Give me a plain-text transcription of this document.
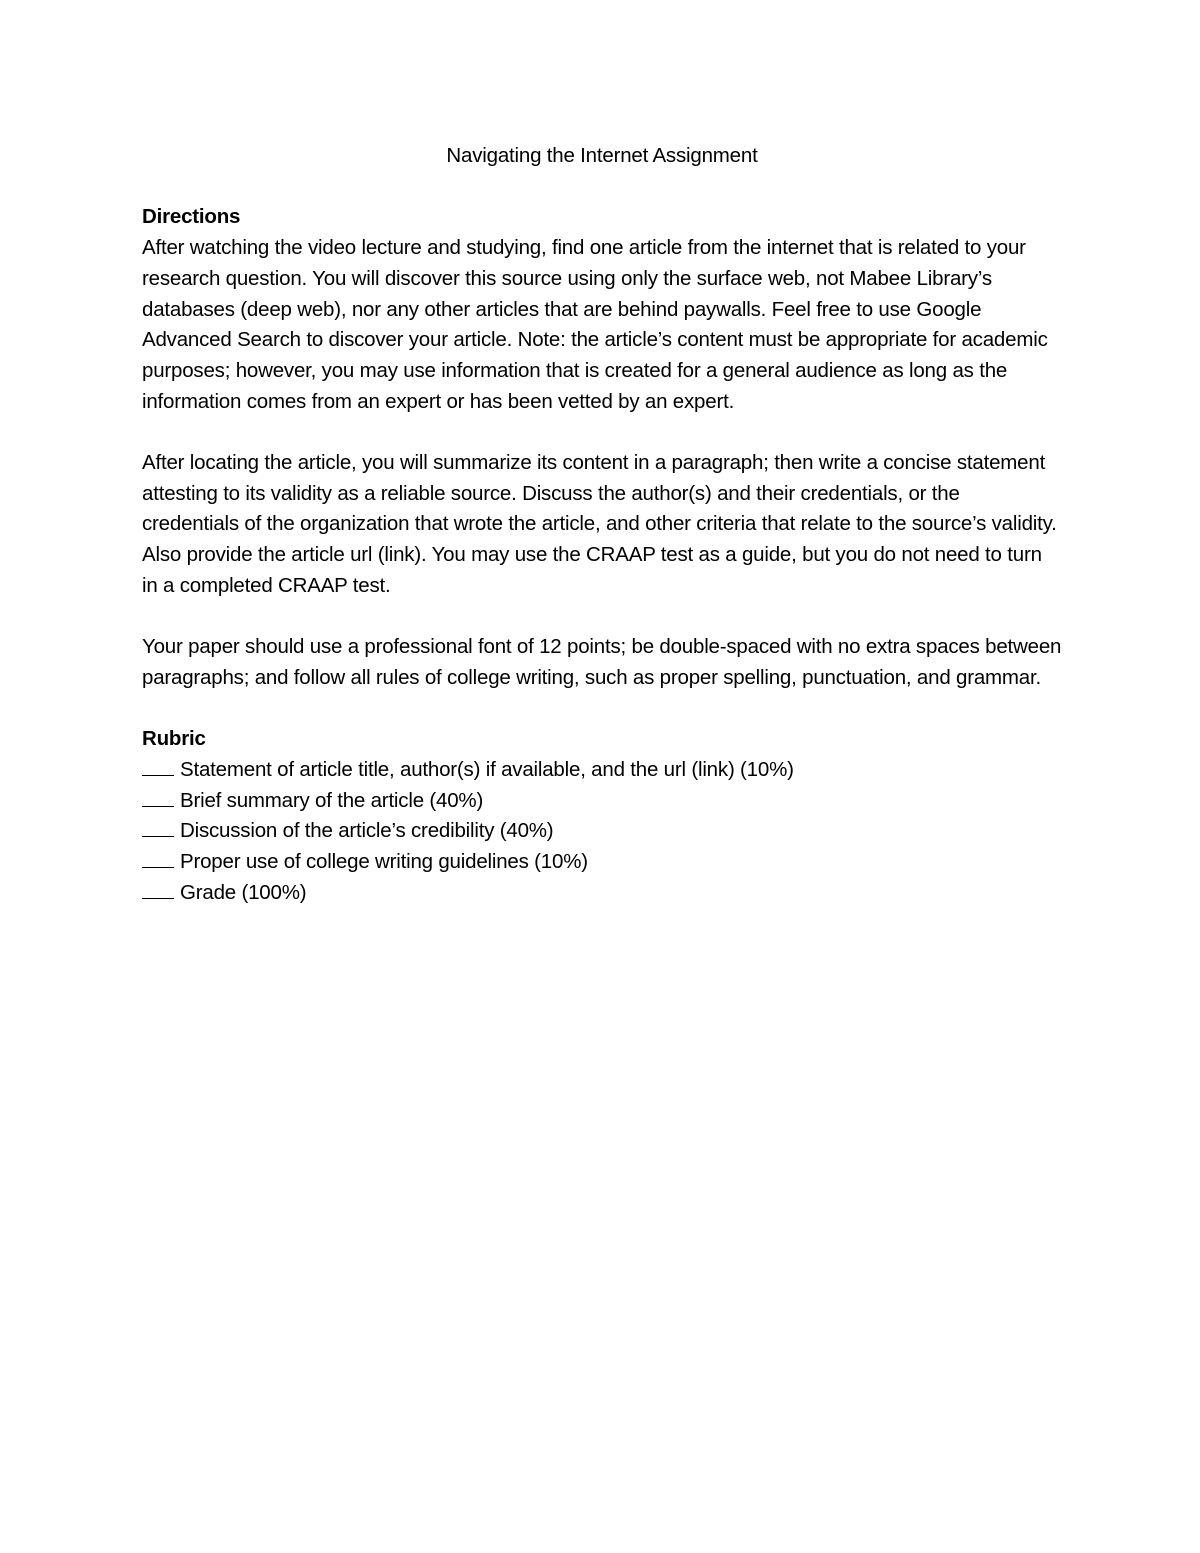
Navigating the Internet Assignment

Directions

After watching the video lecture and studying, find one article from the internet that is related to your research question. You will discover this source using only the surface web, not Mabee Library’s databases (deep web), nor any other articles that are behind paywalls. Feel free to use Google Advanced Search to discover your article. Note: the article’s content must be appropriate for academic purposes; however, you may use information that is created for a general audience as long as the information comes from an expert or has been vetted by an expert.

After locating the article, you will summarize its content in a paragraph; then write a concise statement attesting to its validity as a reliable source. Discuss the author(s) and their credentials, or the credentials of the organization that wrote the article, and other criteria that relate to the source’s validity. Also provide the article url (link). You may use the CRAAP test as a guide, but you do not need to turn in a completed CRAAP test.

Your paper should use a professional font of 12 points; be double-spaced with no extra spaces between paragraphs; and follow all rules of college writing, such as proper spelling, punctuation, and grammar.

Rubric

Statement of article title, author(s) if available, and the url (link) (10%)
Brief summary of the article (40%)
Discussion of the article’s credibility (40%)
Proper use of college writing guidelines (10%)
Grade (100%)
